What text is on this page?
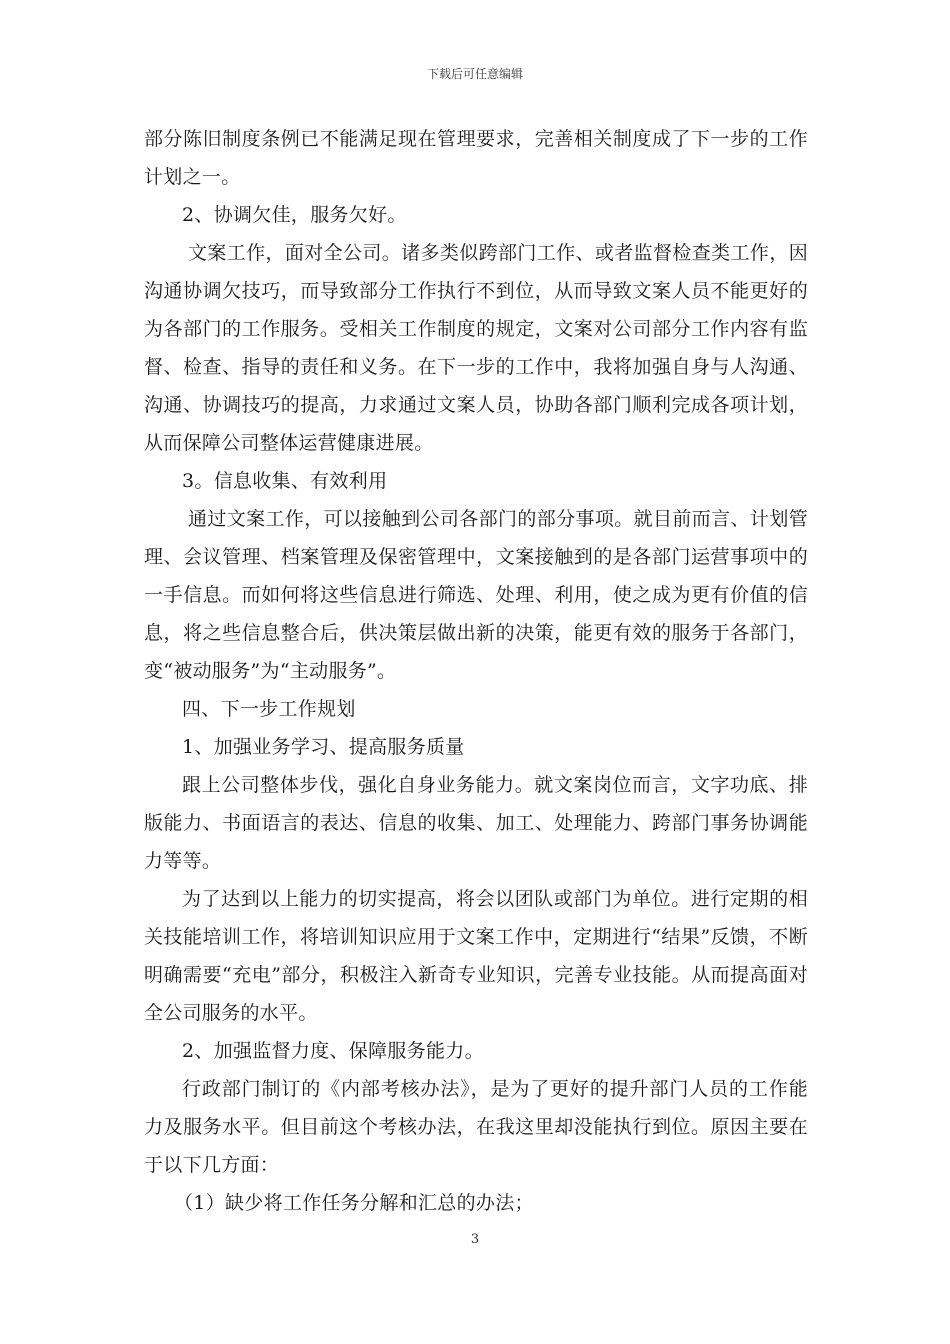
下载后可任意编辑

部分陈旧制度条例已不能满足现在管理要求，完善相关制度成了下一步的工作计划之一。

2、协调欠佳，服务欠好。

文案工作，面对全公司。诸多类似跨部门工作、或者监督检查类工作，因沟通协调欠技巧，而导致部分工作执行不到位，从而导致文案人员不能更好的为各部门的工作服务。受相关工作制度的规定，文案对公司部分工作内容有监督、检查、指导的责任和义务。在下一步的工作中，我将加强自身与人沟通、沟通、协调技巧的提高，力求通过文案人员，协助各部门顺利完成各项计划，从而保障公司整体运营健康进展。

3。信息收集、有效利用

通过文案工作，可以接触到公司各部门的部分事项。就目前而言、计划管理、会议管理、档案管理及保密管理中，文案接触到的是各部门运营事项中的一手信息。而如何将这些信息进行筛选、处理、利用，使之成为更有价值的信息，将之些信息整合后，供决策层做出新的决策，能更有效的服务于各部门，变“被动服务”为“主动服务”。

四、下一步工作规划

1、加强业务学习、提高服务质量

跟上公司整体步伐，强化自身业务能力。就文案岗位而言，文字功底、排版能力、书面语言的表达、信息的收集、加工、处理能力、跨部门事务协调能力等等。

为了达到以上能力的切实提高，将会以团队或部门为单位。进行定期的相关技能培训工作，将培训知识应用于文案工作中，定期进行“结果”反馈，不断明确需要“充电”部分，积极注入新奇专业知识，完善专业技能。从而提高面对全公司服务的水平。

2、加强监督力度、保障服务能力。

行政部门制订的《内部考核办法》，是为了更好的提升部门人员的工作能力及服务水平。但目前这个考核办法，在我这里却没能执行到位。原因主要在于以下几方面：

（1）缺少将工作任务分解和汇总的办法；

3
